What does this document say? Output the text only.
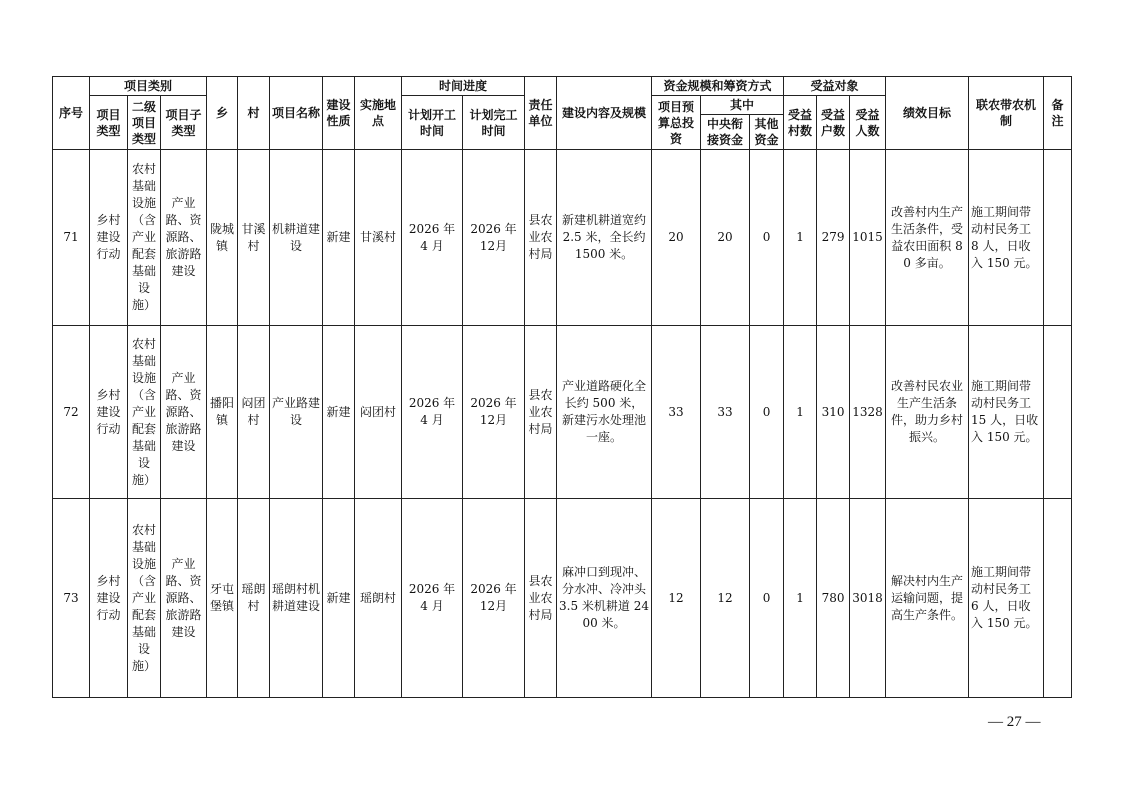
序号	项目类别			乡	村	项目名称	建设性质	实施地点	时间进度		责任单位	建设内容及规模	资金规模和筹资方式			受益对象			绩效目标	联农带农机制	备注
	项目类型	二级项目类型	项目子类型						计划开工时间	计划完工时间			项目预算总投资	其中		受益村数	受益户数	受益人数			
														中央衔接资金	其他资金						
71	乡村建设行动	农村基础设施（含产业配套基础设施）	产业路、资源路、旅游路建设	陇城镇	甘溪村	机耕道建设	新建	甘溪村	2026 年 4 月	2026 年 12月	县农业农村局	新建机耕道宽约 2.5 米，全长约 1500 米。	20	20	0	1	279	1015	改善村内生产生活条件，受益农田面积 80 多亩。	施工期间带动村民务工 8 人，日收入 150 元。	
72	乡村建设行动	农村基础设施（含产业配套基础设施）	产业路、资源路、旅游路建设	播阳镇	闷团村	产业路建设	新建	闷团村	2026 年 4 月	2026 年 12月	县农业农村局	产业道路硬化全长约 500 米，新建污水处理池一座。	33	33	0	1	310	1328	改善村民农业生产生活条件，助力乡村振兴。	施工期间带动村民务工 15 人，日收入 150 元。	
73	乡村建设行动	农村基础设施（含产业配套基础设施）	产业路、资源路、旅游路建设	牙屯堡镇	瑶朗村	瑶朗村机耕道建设	新建	瑶朗村	2026 年 4 月	2026 年 12月	县农业农村局	麻冲口到现冲、分水冲、冷冲头 3.5 米机耕道 2400 米。	12	12	0	1	780	3018	解决村内生产运输问题，提高生产条件。	施工期间带动村民务工 6 人，日收入 150 元。	
— 27 —
